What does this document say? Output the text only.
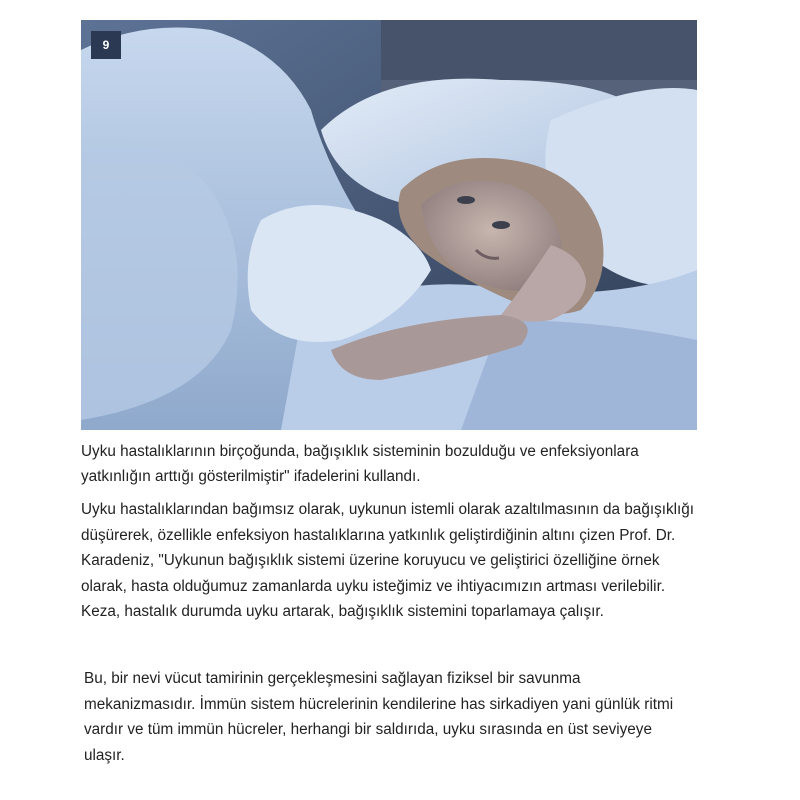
9

Uyku hastalıklarının birçoğunda, bağışıklık sisteminin bozulduğu ve enfeksiyonlara yatkınlığın arttığı gösterilmiştir" ifadelerini kullandı.

Uyku hastalıklarından bağımsız olarak, uykunun istemli olarak azaltılmasının da bağışıklığı düşürerek, özellikle enfeksiyon hastalıklarına yatkınlık geliştirdiğinin altını çizen Prof. Dr. Karadeniz, "Uykunun bağışıklık sistemi üzerine koruyucu ve geliştirici özelliğine örnek olarak, hasta olduğumuz zamanlarda uyku isteğimiz ve ihtiyacımızın artması verilebilir. Keza, hastalık durumda uyku artarak, bağışıklık sistemini toparlamaya çalışır.

Bu, bir nevi vücut tamirinin gerçekleşmesini sağlayan fiziksel bir savunma mekanizmasıdır. İmmün sistem hücrelerinin kendilerine has sirkadiyen yani günlük ritmi vardır ve tüm immün hücreler, herhangi bir saldırıda, uyku sırasında en üst seviyeye ulaşır.
